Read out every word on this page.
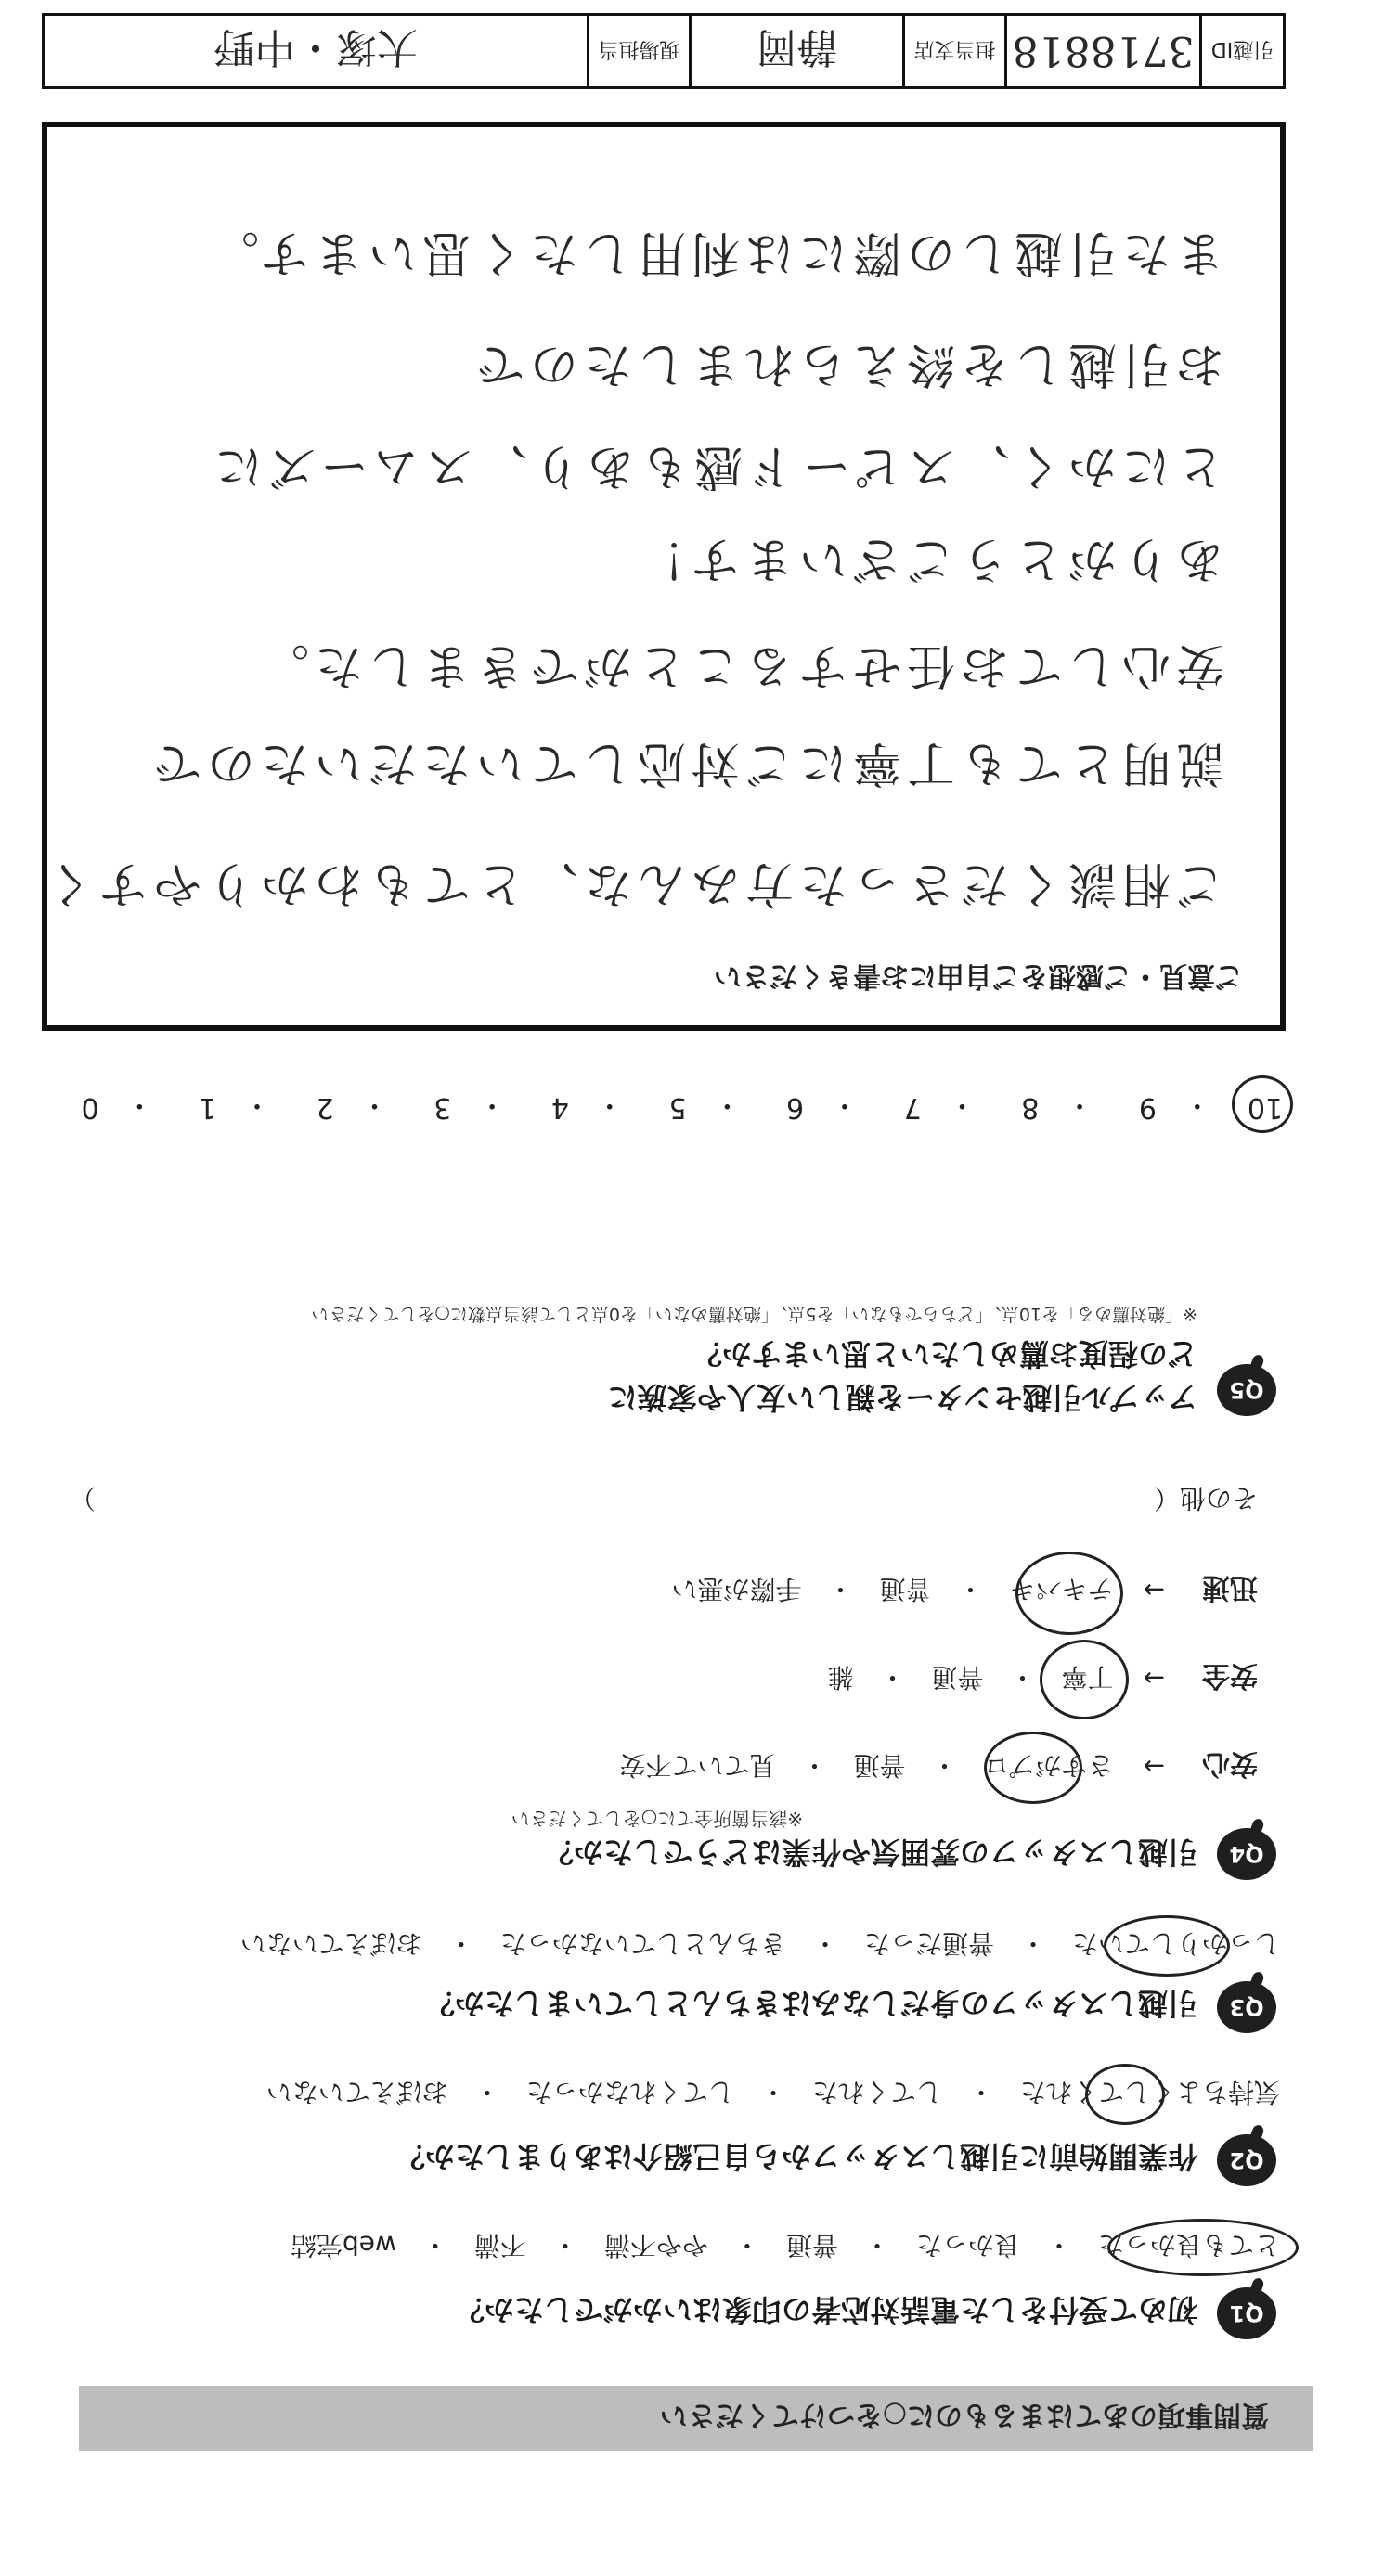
質問事項のあてはまるものに○をつけてください
Q1
初めて受付をした電話対応者の印象はいかがでしたか？
とても良かった
・
良かった
・
普通
・
やや不満
・
不満
・
web完結
Q2
作業開始前に引越しスタッフから自己紹介はありましたか？
気持ちよくしてくれた
・
してくれた
・
してくれなかった
・
おぼえていない
Q3
引越しスタッフの身だしなみはきちんとしていましたか？
しっかりしていた
・
普通だった
・
きちんとしていなかった
・
おぼえていない
Q4
引越しスタッフの雰囲気や作業はどうでしたか？
※該当箇所全てに○をしてください
安心
→
さすがプロ
・
普通
・
見ていて不安
安全
→
丁寧
・
普通
・
雑
迅速
→
テキパキ
・
普通
・
手際が悪い
その他（
）
Q5
アップル引越センターを親しい友人や家族に
どの程度お薦めしたいと思いますか？
※「絶対薦める」を10点、「どちらでもない」を5点、「絶対薦めない」を0点として該当点数に○をしてください
10
・
9
・
8
・
7
・
6
・
5
・
4
・
3
・
2
・
1
・
0
ご意見・ご感想をご自由にお書きください
ご相談くださった方みんな、とてもわかりやすく
説明とても丁寧にご対応していただいたので
安心してお任せすることができました。
ありがとうございます！
とにかく、スピード感もあり、スムーズに
お引越しを終えられましたので
また引越しの際には利用したく思います。
引越ID
3718818
担当支店
静岡
現場担当
大塚・中野
